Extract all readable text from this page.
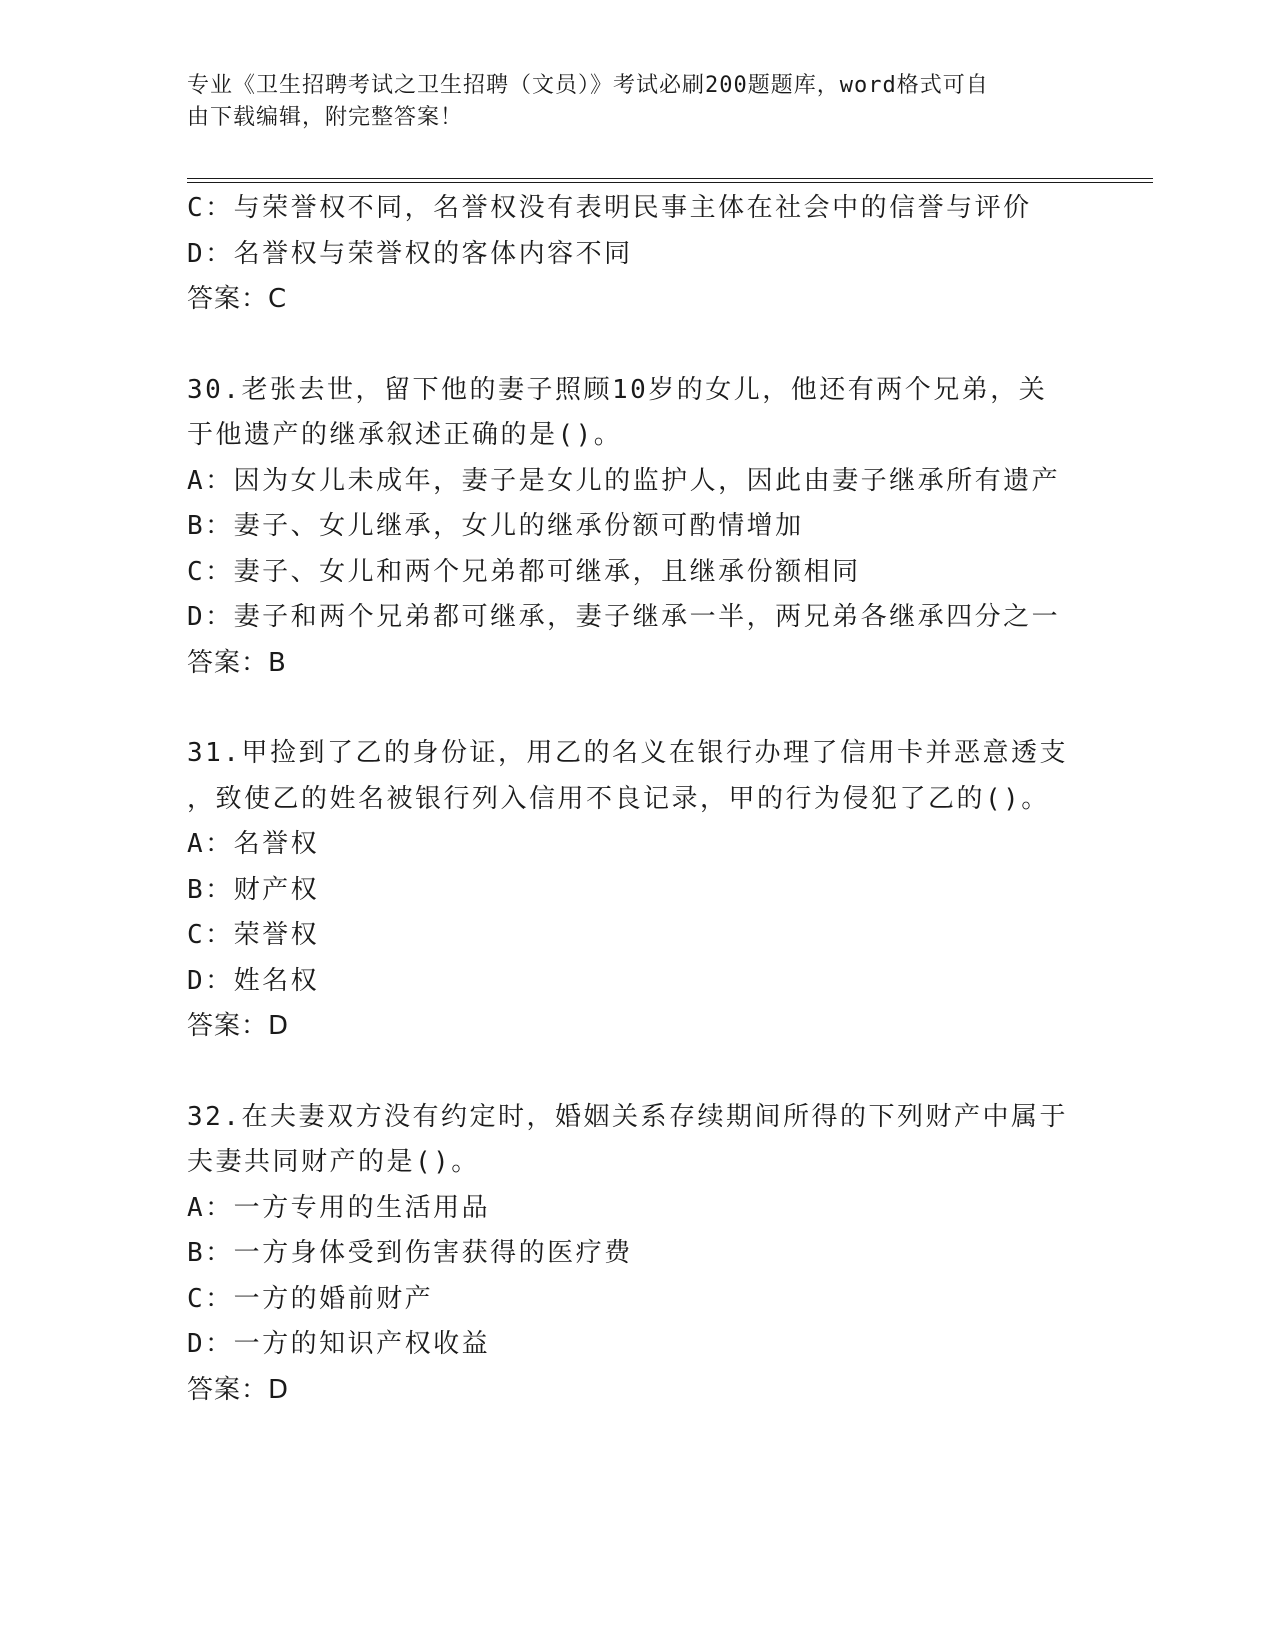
专业《卫生招聘考试之卫生招聘（文员）》考试必刷200题题库，word格式可自
由下载编辑，附完整答案！
C：与荣誉权不同，名誉权没有表明民事主体在社会中的信誉与评价
D：名誉权与荣誉权的客体内容不同
答案：C
30.老张去世，留下他的妻子照顾10岁的女儿，他还有两个兄弟，关
于他遗产的继承叙述正确的是()。
A：因为女儿未成年，妻子是女儿的监护人，因此由妻子继承所有遗产
B：妻子、女儿继承，女儿的继承份额可酌情增加
C：妻子、女儿和两个兄弟都可继承，且继承份额相同
D：妻子和两个兄弟都可继承，妻子继承一半，两兄弟各继承四分之一
答案：B
31.甲捡到了乙的身份证，用乙的名义在银行办理了信用卡并恶意透支
，致使乙的姓名被银行列入信用不良记录，甲的行为侵犯了乙的()。
A：名誉权
B：财产权
C：荣誉权
D：姓名权
答案：D
32.在夫妻双方没有约定时，婚姻关系存续期间所得的下列财产中属于
夫妻共同财产的是()。
A：一方专用的生活用品
B：一方身体受到伤害获得的医疗费
C：一方的婚前财产
D：一方的知识产权收益
答案：D
